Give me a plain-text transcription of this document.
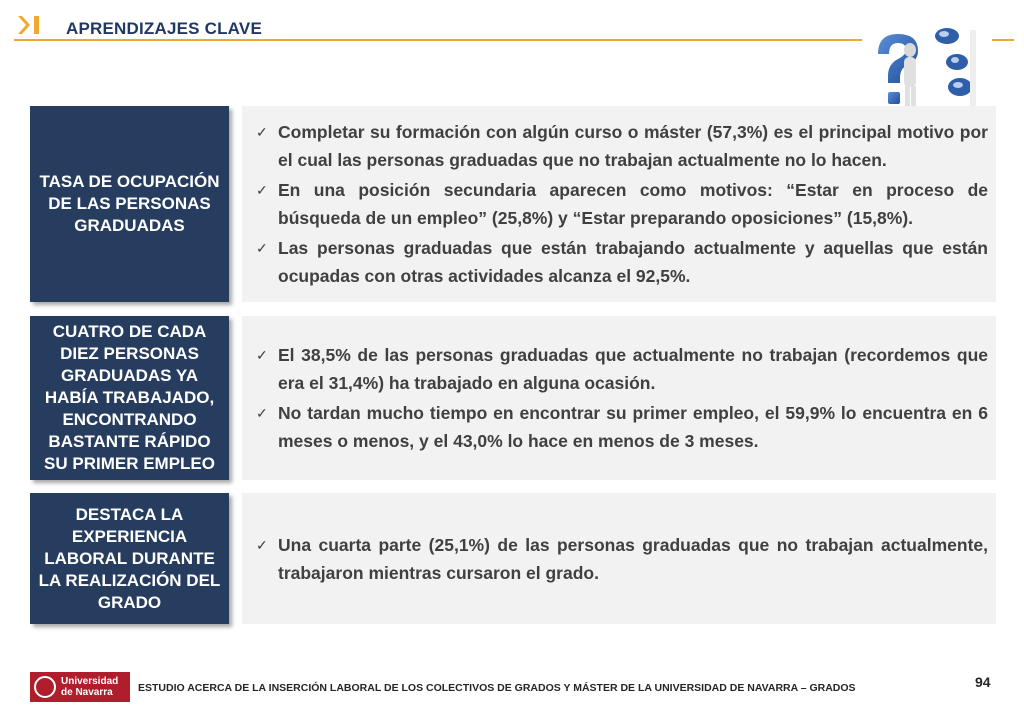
APRENDIZAJES CLAVE
TASA DE OCUPACIÓN DE LAS PERSONAS GRADUADAS
✓ Completar su formación con algún curso o máster (57,3%) es el principal motivo por el cual las personas graduadas que no trabajan actualmente no lo hacen.
✓ En una posición secundaria aparecen como motivos: “Estar en proceso de búsqueda de un empleo” (25,8%) y “Estar preparando oposiciones” (15,8%).
✓ Las personas graduadas que están trabajando actualmente y aquellas que están ocupadas con otras actividades alcanza el 92,5%.
CUATRO DE CADA DIEZ PERSONAS GRADUADAS YA HABÍA TRABAJADO, ENCONTRANDO BASTANTE RÁPIDO SU PRIMER EMPLEO
✓ El 38,5% de las personas graduadas que actualmente no trabajan (recordemos que era el 31,4%) ha trabajado en alguna ocasión.
✓ No tardan mucho tiempo en encontrar su primer empleo, el 59,9% lo encuentra en 6 meses o menos, y el 43,0% lo hace en menos de 3 meses.
DESTACA LA EXPERIENCIA LABORAL DURANTE LA REALIZACIÓN DEL GRADO
✓ Una cuarta parte (25,1%) de las personas graduadas que no trabajan actualmente, trabajaron mientras cursaron el grado.
Universidad
de Navarra	ESTUDIO ACERCA DE LA INSERCIÓN LABORAL DE LOS COLECTIVOS DE GRADOS Y MÁSTER DE LA UNIVERSIDAD DE NAVARRA – GRADOS	94
